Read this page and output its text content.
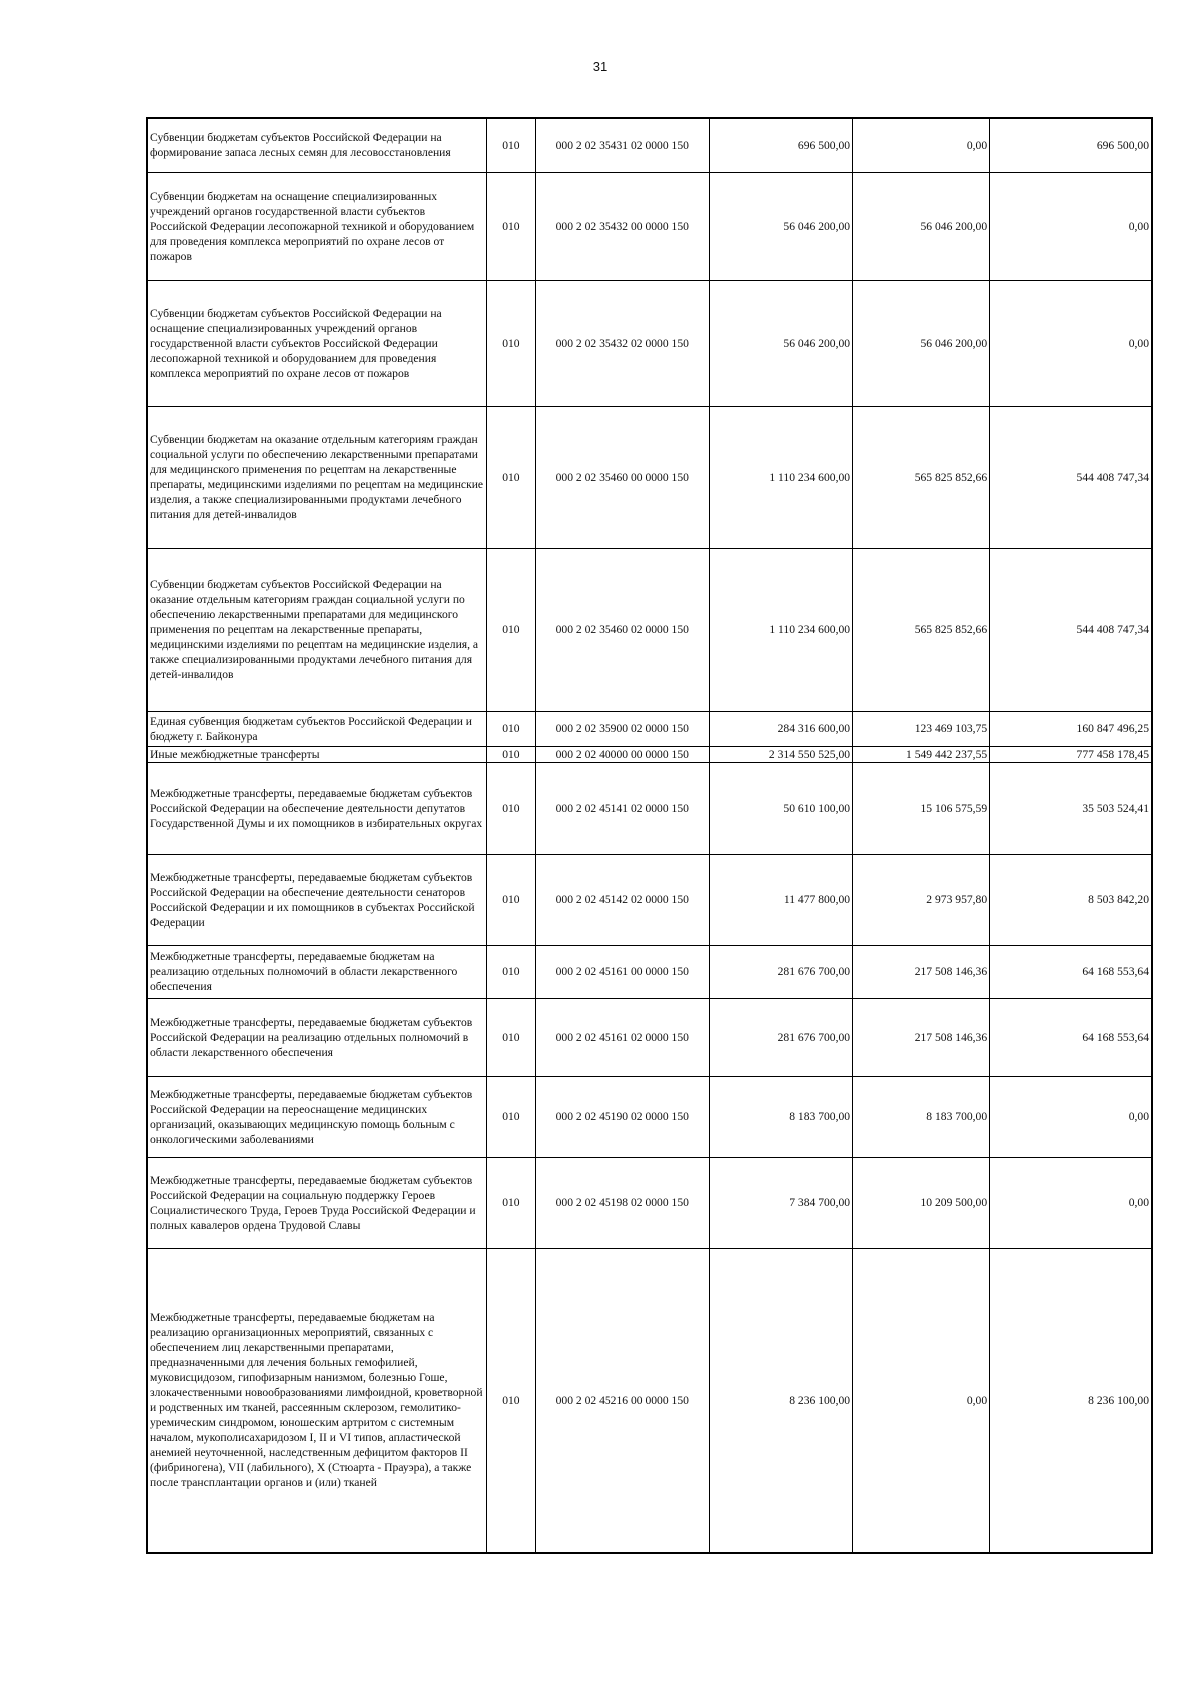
31
Субвенции бюджетам субъектов Российской Федерации на формирование запаса лесных семян для лесовосстановления	010	000 2 02 35431 02 0000 150	696 500,00	0,00	696 500,00
Субвенции бюджетам на оснащение специализированных учреждений органов государственной власти субъектов Российской Федерации лесопожарной техникой и оборудованием для проведения комплекса мероприятий по охране лесов от пожаров	010	000 2 02 35432 00 0000 150	56 046 200,00	56 046 200,00	0,00
Субвенции бюджетам субъектов Российской Федерации на оснащение специализированных учреждений органов государственной власти субъектов Российской Федерации лесопожарной техникой и оборудованием для проведения комплекса мероприятий по охране лесов от пожаров	010	000 2 02 35432 02 0000 150	56 046 200,00	56 046 200,00	0,00
Субвенции бюджетам на оказание отдельным категориям граждан социальной услуги по обеспечению лекарственными препаратами для медицинского применения по рецептам на лекарственные препараты, медицинскими изделиями по рецептам на медицинские изделия, а также специализированными продуктами лечебного питания для детей-инвалидов	010	000 2 02 35460 00 0000 150	1 110 234 600,00	565 825 852,66	544 408 747,34
Субвенции бюджетам субъектов Российской Федерации на оказание отдельным категориям граждан социальной услуги по обеспечению лекарственными препаратами для медицинского применения по рецептам на лекарственные препараты, медицинскими изделиями по рецептам на медицинские изделия, а также специализированными продуктами лечебного питания для детей-инвалидов	010	000 2 02 35460 02 0000 150	1 110 234 600,00	565 825 852,66	544 408 747,34
Единая субвенция бюджетам субъектов Российской Федерации и бюджету г. Байконура	010	000 2 02 35900 02 0000 150	284 316 600,00	123 469 103,75	160 847 496,25
Иные межбюджетные трансферты	010	000 2 02 40000 00 0000 150	2 314 550 525,00	1 549 442 237,55	777 458 178,45
Межбюджетные трансферты, передаваемые бюджетам субъектов Российской Федерации на обеспечение деятельности депутатов Государственной Думы и их помощников в избирательных округах	010	000 2 02 45141 02 0000 150	50 610 100,00	15 106 575,59	35 503 524,41
Межбюджетные трансферты, передаваемые бюджетам субъектов Российской Федерации на обеспечение деятельности сенаторов Российской Федерации и их помощников в субъектах Российской Федерации	010	000 2 02 45142 02 0000 150	11 477 800,00	2 973 957,80	8 503 842,20
Межбюджетные трансферты, передаваемые бюджетам на реализацию отдельных полномочий в области лекарственного обеспечения	010	000 2 02 45161 00 0000 150	281 676 700,00	217 508 146,36	64 168 553,64
Межбюджетные трансферты, передаваемые бюджетам субъектов Российской Федерации на реализацию отдельных полномочий в области лекарственного обеспечения	010	000 2 02 45161 02 0000 150	281 676 700,00	217 508 146,36	64 168 553,64
Межбюджетные трансферты, передаваемые бюджетам субъектов Российской Федерации на переоснащение медицинских организаций, оказывающих медицинскую помощь больным с онкологическими заболеваниями	010	000 2 02 45190 02 0000 150	8 183 700,00	8 183 700,00	0,00
Межбюджетные трансферты, передаваемые бюджетам субъектов Российской Федерации на социальную поддержку Героев Социалистического Труда, Героев Труда Российской Федерации и полных кавалеров ордена Трудовой Славы	010	000 2 02 45198 02 0000 150	7 384 700,00	10 209 500,00	0,00
Межбюджетные трансферты, передаваемые бюджетам на реализацию организационных мероприятий, связанных с обеспечением лиц лекарственными препаратами, предназначенными для лечения больных гемофилией, муковисцидозом, гипофизарным нанизмом, болезнью Гоше, злокачественными новообразованиями лимфоидной, кроветворной и родственных им тканей, рассеянным склерозом, гемолитико-уремическим синдромом, юношеским артритом с системным началом, мукополисахаридозом I, II и VI типов, апластической анемией неуточненной, наследственным дефицитом факторов II (фибриногена), VII (лабильного), X (Стюарта - Прауэра), а также после трансплантации органов и (или) тканей	010	000 2 02 45216 00 0000 150	8 236 100,00	0,00	8 236 100,00
